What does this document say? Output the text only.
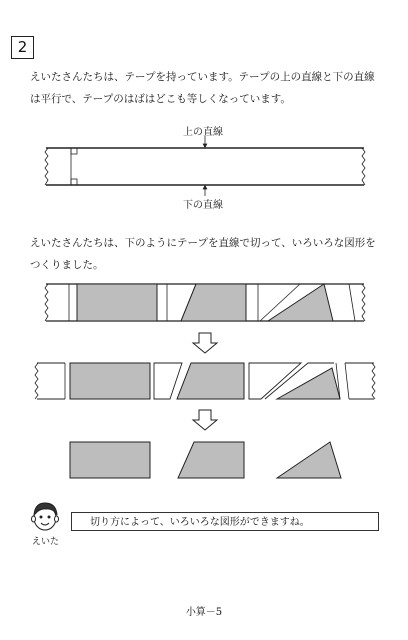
2

えいたさんたちは、テープを持っています。テープの上の直線と下の直線
は平行で、テープのはばはどこも等しくなっています。

上の直線
下の直線

えいたさんたちは、下のようにテープを直線で切って、いろいろな図形を
つくりました。

えいた
切り方によって、いろいろな図形ができますね。
小算－5
